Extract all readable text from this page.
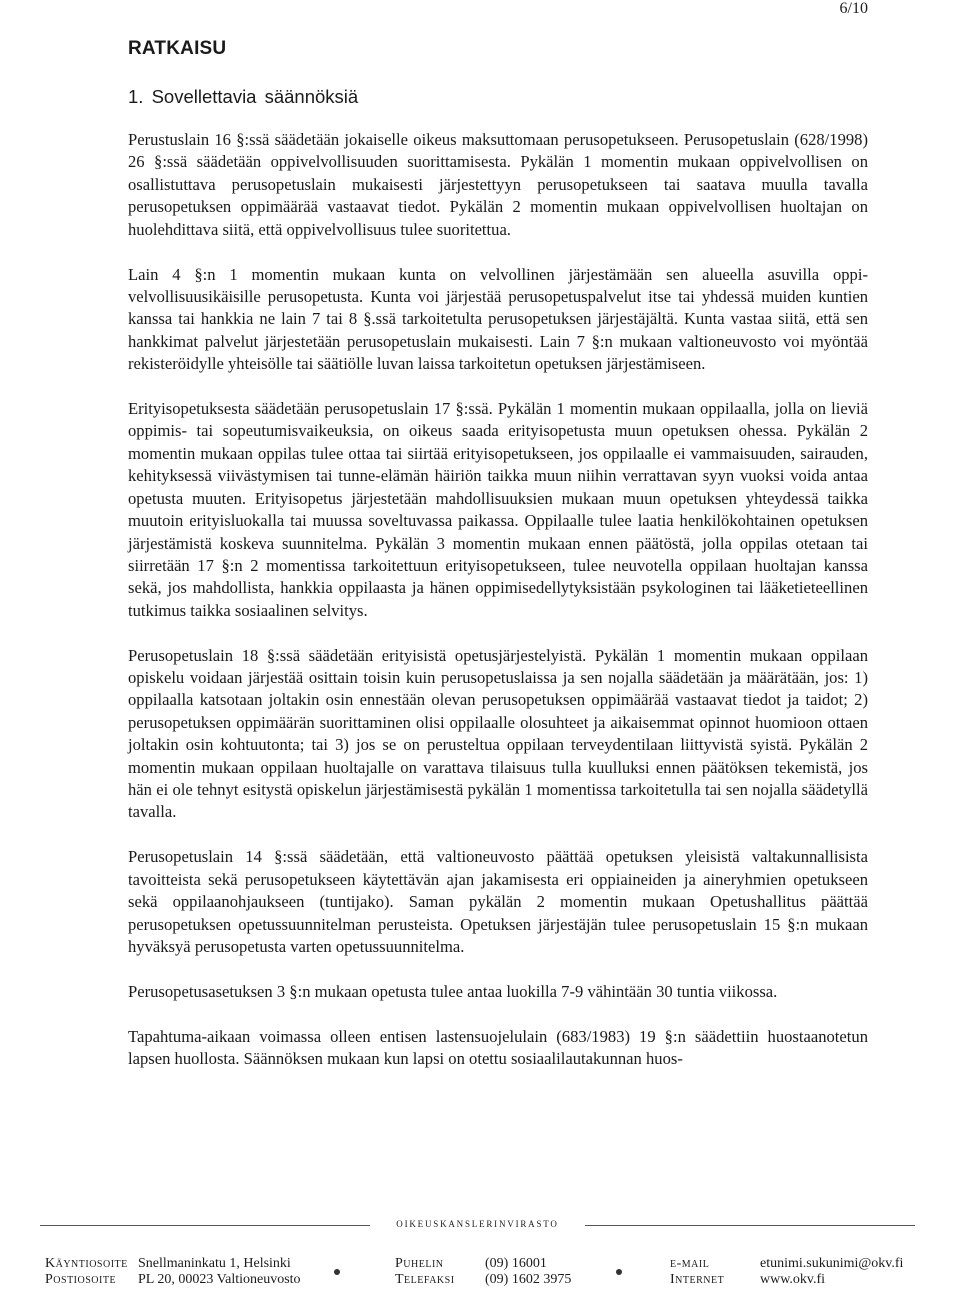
6/10
RATKAISU
1. Sovellettavia säännöksiä

Perustuslain 16 §:ssä säädetään jokaiselle oikeus maksuttomaan perusopetukseen. Perusopetuslain (628/1998) 26 §:ssä säädetään oppivelvollisuuden suorittamisesta. Pykälän 1 momentin mukaan oppivelvollisen on osallistuttava perusopetuslain mukaisesti järjestettyyn perusopetukseen tai saatava muulla tavalla perusopetuksen oppimäärää vastaavat tiedot. Pykälän 2 momentin mukaan oppivelvollisen huoltajan on huolehdittava siitä, että oppivelvollisuus tulee suoritettua.

Lain 4 §:n 1 momentin mukaan kunta on velvollinen järjestämään sen alueella asuvilla oppivelvollisuusikäisille perusopetusta. Kunta voi järjestää perusopetuspalvelut itse tai yhdessä muiden kuntien kanssa tai hankkia ne lain 7 tai 8 §.ssä tarkoitetulta perusopetuksen järjestäjältä. Kunta vastaa siitä, että sen hankkimat palvelut järjestetään perusopetuslain mukaisesti. Lain 7 §:n mukaan valtioneuvosto voi myöntää rekisteröidylle yhteisölle tai säätiölle luvan laissa tarkoitetun opetuksen järjestämiseen.

Erityisopetuksesta säädetään perusopetuslain 17 §:ssä. Pykälän 1 momentin mukaan oppilaalla, jolla on lieviä oppimis- tai sopeutumisvaikeuksia, on oikeus saada erityisopetusta muun opetuksen ohessa. Pykälän 2 momentin mukaan oppilas tulee ottaa tai siirtää erityisopetukseen, jos oppilaalle ei vammaisuuden, sairauden, kehityksessä viivästymisen tai tunne-elämän häiriön taikka muun niihin verrattavan syyn vuoksi voida antaa opetusta muuten. Erityisopetus järjestetään mahdollisuuksien mukaan muun opetuksen yhteydessä taikka muutoin erityisluokalla tai muussa soveltuvassa paikassa. Oppilaalle tulee laatia henkilökohtainen opetuksen järjestämistä koskeva suunnitelma. Pykälän 3 momentin mukaan ennen päätöstä, jolla oppilas otetaan tai siirretään 17 §:n 2 momentissa tarkoitettuun erityisopetukseen, tulee neuvotella oppilaan huoltajan kanssa sekä, jos mahdollista, hankkia oppilaasta ja hänen oppimisedellytyksistään psykologinen tai lääketieteellinen tutkimus taikka sosiaalinen selvitys.

Perusopetuslain 18 §:ssä säädetään erityisistä opetusjärjestelyistä. Pykälän 1 momentin mukaan oppilaan opiskelu voidaan järjestää osittain toisin kuin perusopetuslaissa ja sen nojalla säädetään ja määrätään, jos: 1) oppilaalla katsotaan joltakin osin ennestään olevan perusopetuksen oppimäärää vastaavat tiedot ja taidot; 2) perusopetuksen oppimäärän suorittaminen olisi oppilaalle olosuhteet ja aikaisemmat opinnot huomioon ottaen joltakin osin kohtuutonta; tai 3) jos se on perusteltua oppilaan terveydentilaan liittyvistä syistä. Pykälän 2 momentin mukaan oppilaan huoltajalle on varattava tilaisuus tulla kuulluksi ennen päätöksen tekemistä, jos hän ei ole tehnyt esitystä opiskelun järjestämisestä pykälän 1 momentissa tarkoitetulla tai sen nojalla säädetyllä tavalla.

Perusopetuslain 14 §:ssä säädetään, että valtioneuvosto päättää opetuksen yleisistä valtakunnallisista tavoitteista sekä perusopetukseen käytettävän ajan jakamisesta eri oppiaineiden ja aineryhmien opetukseen sekä oppilaanohjaukseen (tuntijako). Saman pykälän 2 momentin mukaan Opetushallitus päättää perusopetuksen opetussuunnitelman perusteista. Opetuksen järjestäjän tulee perusopetuslain 15 §:n mukaan hyväksyä perusopetusta varten opetussuunnitelma.

Perusopetusasetuksen 3 §:n mukaan opetusta tulee antaa luokilla 7-9 vähintään 30 tuntia viikossa.

Tapahtuma-aikaan voimassa olleen entisen lastensuojelulain (683/1983) 19 §:n säädettiin huostaanotetun lapsen huollosta. Säännöksen mukaan kun lapsi on otettu sosiaalilautakunnan huos-

oikeuskanslerinvirasto
Käyntiosoite Snellmaninkatu 1, Helsinki
Postiosoite PL 20, 00023 Valtioneuvosto
Puhelin	(09) 16001
Telefaksi (09) 1602 3975
e-mail	etunimi.sukunimi@okv.fi
Internet	www.okv.fi
